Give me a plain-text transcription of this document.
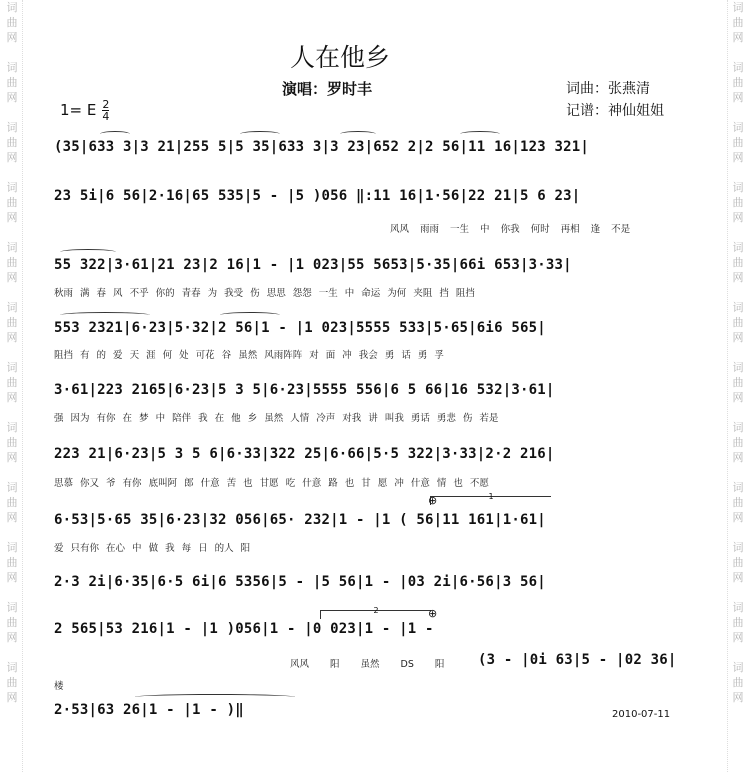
词
曲
网
词
曲
网
词
曲
网
词
曲
网
词
曲
网
词
曲
网
词
曲
网
词
曲
网
词
曲
网
词
曲
网
词
曲
网
词
曲
网
词
曲
网
词
曲
网
词
曲
网
词
曲
网
词
曲
网
词
曲
网
词
曲
网
词
曲
网
词
曲
网
词
曲
网
词
曲
网
词
曲
网
人在他乡
演唱：罗时丰	词曲：张燕清
记谱：神仙姐姐
1= E $\frac{2}{4}$
(35|633 3|3 21|255 5|5 35|633 3|3 23|652 2|2 56|11 16|123 321|
23 5i|6 56|2·16|65 535|5 - |5 )056 ‖:11 16|1·56|22 21|5 6 23|
风风 雨雨 一生 中 你我 何时 再相 逢 不是
55 322|3·61|21 23|2 16|1 - |1 023|55 5653|5·35|66i 653|3·33|
秋雨 满 春 风 不乎 你的 青春 为 我受 伤 思思 怨怨 一生 中 命运 为何 夹阻 挡 阻挡
553 2321|6·23|5·32|2 56|1 - |1 023|5555 533|5·65|6i6 565|
阻挡 有 的 爱 天 涯 何 处 可花 谷 虽然 风雨阵阵 对 面 冲 我会 勇 话 勇 孚
3·61|223 2165|6·23|5 3 5|6·23|5555 556|6 5 66|16 532|3·61|
强 因为 有你 在 梦 中 陪伴 我 在 他 乡 虽然 人情 冷声 对我 讲 叫我 勇话 勇悲 伤 若是
223 21|6·23|5 3 5 6|6·33|322 25|6·66|5·5 322|3·33|2·2 216|
思慕 你又 爷 有你 底叫阿 郎 什意 苦 也 甘愿 吃 什意 路 也 甘 愿 冲 什意 情 也 不愿
1
⊕
6·53|5·65 35|6·23|32 056|65· 232|1 - |1 ( 56|11 161|1·61|
爱 只有你 在心 中 做 我 每 日 的人 阳
2·3 2i|6·35|6·5 6i|6 5356|5 - |5 56|1 - |03 2i|6·56|3 56|
2	⊕
2 565|53 216|1 - |1 )056|1 - |0 023|1 - |1 -
风风 阳 虽然 DS 阳	(3 - |0i 63|5 - |02 36|
楼
2010-07-11
2·53|63 26|1 - |1 - )‖
